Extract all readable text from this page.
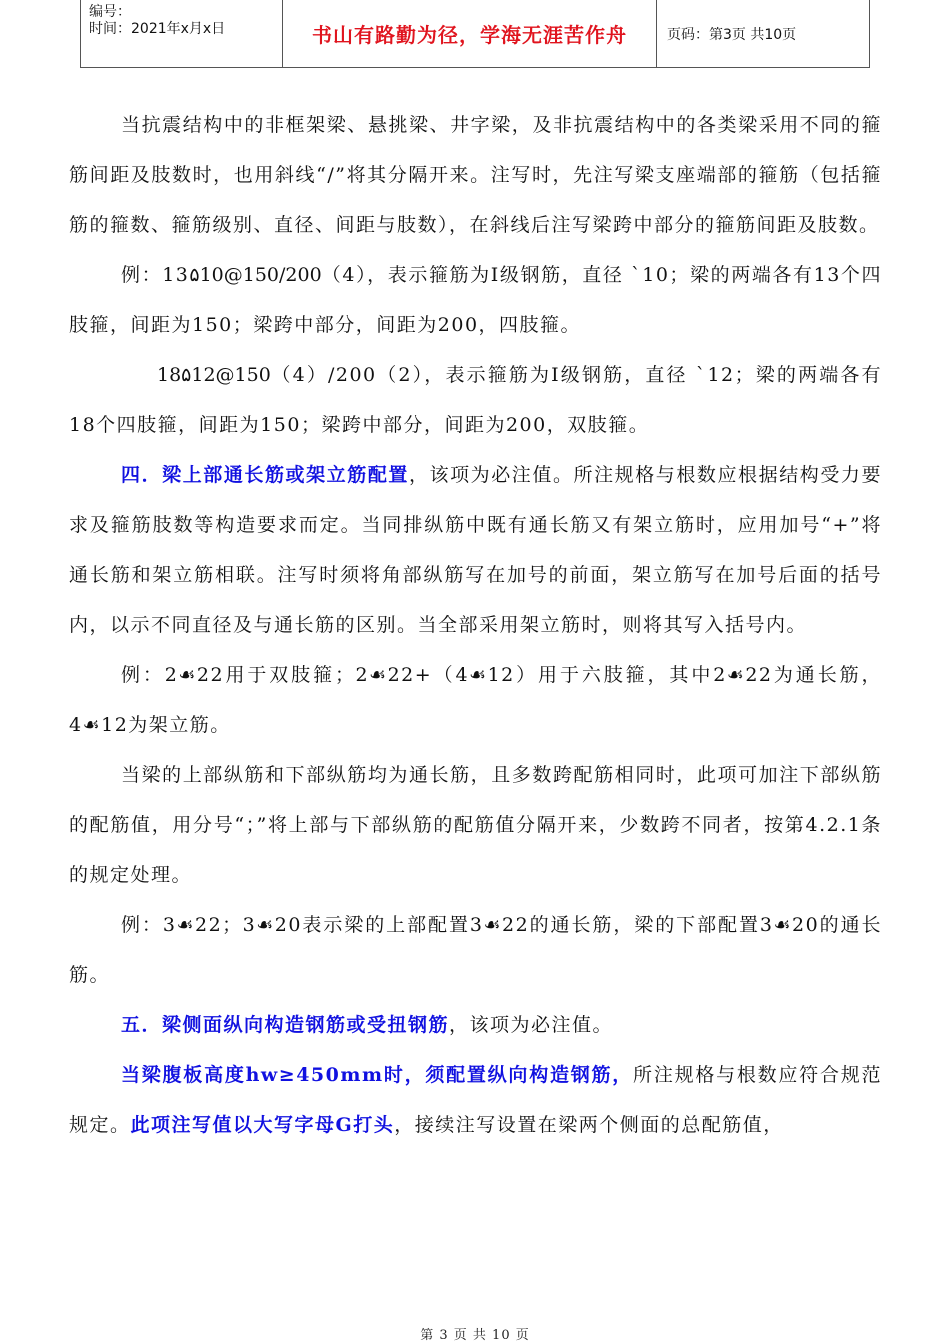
编号：
时间：2021年x月x日	书山有路勤为径，学海无涯苦作舟	页码：第3页 共10页

当抗震结构中的非框架梁、悬挑梁、井字梁，及非抗震结构中的各类梁采用不同的箍筋间距及肢数时，也用斜线“/”将其分隔开来。注写时，先注写梁支座端部的箍筋（包括箍筋的箍数、箍筋级别、直径、间距与肢数），在斜线后注写梁跨中部分的箍筋间距及肢数。

例：13۵10@150/200（4），表示箍筋为Ⅰ级钢筋，直径 ˋ10；梁的两端各有13个四肢箍，间距为150；梁跨中部分，间距为200，四肢箍。

18۵12@150（4）/200（2），表示箍筋为Ⅰ级钢筋，直径 ˋ12；梁的两端各有18个四肢箍，间距为150；梁跨中部分，间距为200，双肢箍。

四．梁上部通长筋或架立筋配置，该项为必注值。所注规格与根数应根据结构受力要求及箍筋肢数等构造要求而定。当同排纵筋中既有通长筋又有架立筋时，应用加号“+”将通长筋和架立筋相联。注写时须将角部纵筋写在加号的前面，架立筋写在加号后面的括号内，以示不同直径及与通长筋的区别。当全部采用架立筋时，则将其写入括号内。

例：2☙22用于双肢箍；2☙22+（4☙12）用于六肢箍，其中2☙22为通长筋，4☙12为架立筋。

当梁的上部纵筋和下部纵筋均为通长筋，且多数跨配筋相同时，此项可加注下部纵筋的配筋值，用分号“；”将上部与下部纵筋的配筋值分隔开来，少数跨不同者，按第4.2.1条的规定处理。

例：3☙22；3☙20表示梁的上部配置3☙22的通长筋，梁的下部配置3☙20的通长筋。

五．梁侧面纵向构造钢筋或受扭钢筋，该项为必注值。

当梁腹板高度hw≥450mm时，须配置纵向构造钢筋，所注规格与根数应符合规范规定。此项注写值以大写字母G打头，接续注写设置在梁两个侧面的总配筋值，

第 3 页 共 10 页
